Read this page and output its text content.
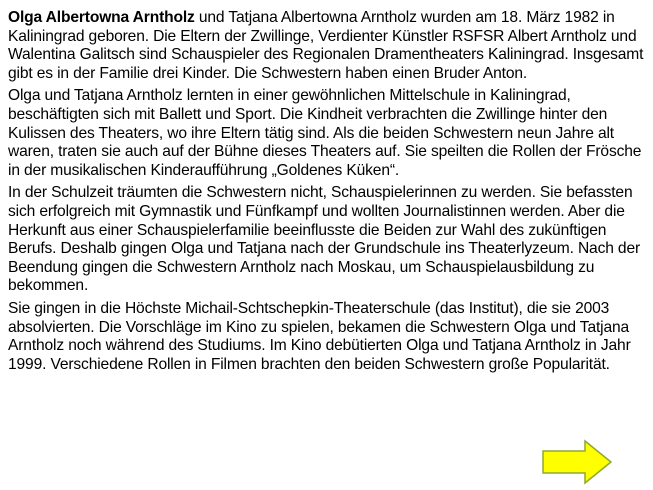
Olga Albertowna Arntholz und Tatjana Albertowna Arntholz wurden am 18. März 1982 in Kaliningrad geboren. Die Eltern der Zwillinge, Verdienter Künstler RSFSR Albert Arntholz und Walentina Galitsch sind Schauspieler des Regionalen Dramentheaters Kaliningrad. Insgesamt gibt es in der Familie drei Kinder. Die Schwestern haben einen Bruder Anton.

Olga und Tatjana Arntholz lernten in einer gewöhnlichen Mittelschule in Kaliningrad, beschäftigten sich mit Ballett und Sport. Die Kindheit verbrachten die Zwillinge hinter den Kulissen des Theaters, wo ihre Eltern tätig sind. Als die beiden Schwestern neun Jahre alt waren, traten sie auch auf der Bühne dieses Theaters auf. Sie speilten die Rollen der Frösche in der musikalischen Kinderaufführung „Goldenes Küken“.

In der Schulzeit träumten die Schwestern nicht, Schauspielerinnen zu werden. Sie befassten sich erfolgreich mit Gymnastik und Fünfkampf und wollten Journalistinnen werden. Aber die Herkunft aus einer Schauspielerfamilie beeinflusste die Beiden zur Wahl des zukünftigen Berufs. Deshalb gingen Olga und Tatjana nach der Grundschule ins Theaterlyzeum. Nach der Beendung gingen die Schwestern Arntholz nach Moskau, um Schauspielausbildung zu bekommen.

Sie gingen in die Höchste Michail-Schtschepkin-Theaterschule (das Institut), die sie 2003 absolvierten. Die Vorschläge im Kino zu spielen, bekamen die Schwestern Olga und Tatjana Arntholz noch während des Studiums. Im Kino debütierten Olga und Tatjana Arntholz in Jahr 1999. Verschiedene Rollen in Filmen brachten den beiden Schwestern große Popularität.
